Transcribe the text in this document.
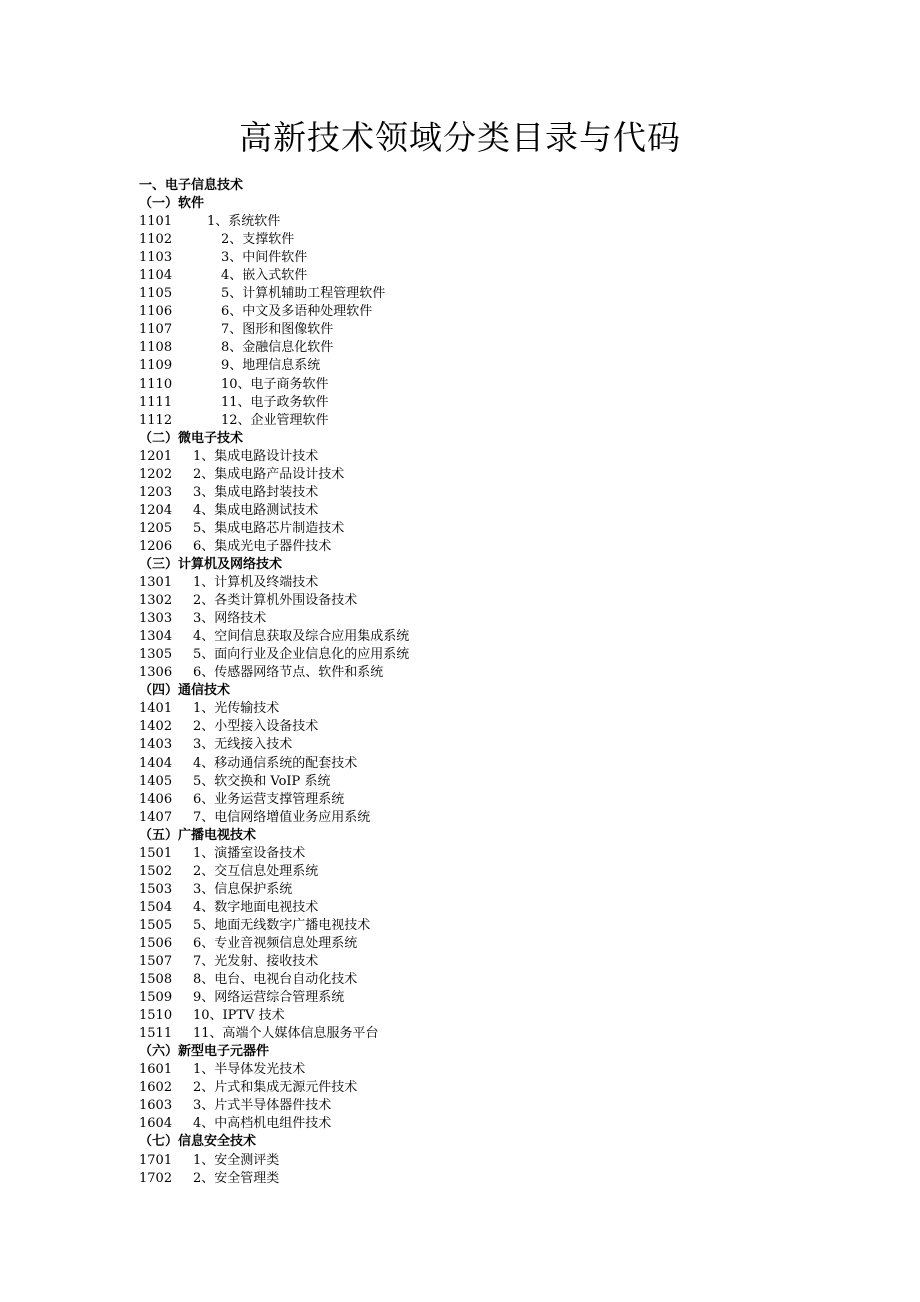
高新技术领域分类目录与代码
一、电子信息技术
（一）软件
1101	1、系统软件
1102	2、支撑软件
1103	3、中间件软件
1104	4、嵌入式软件
1105	5、计算机辅助工程管理软件
1106	6、中文及多语种处理软件
1107	7、图形和图像软件
1108	8、金融信息化软件
1109	9、地理信息系统
1110	10、电子商务软件
1111	11、电子政务软件
1112	12、企业管理软件
（二）微电子技术
1201	1、集成电路设计技术
1202	2、集成电路产品设计技术
1203	3、集成电路封装技术
1204	4、集成电路测试技术
1205	5、集成电路芯片制造技术
1206	6、集成光电子器件技术
（三）计算机及网络技术
1301	1、计算机及终端技术
1302	2、各类计算机外围设备技术
1303	3、网络技术
1304	4、空间信息获取及综合应用集成系统
1305	5、面向行业及企业信息化的应用系统
1306	6、传感器网络节点、软件和系统
（四）通信技术
1401	1、光传输技术
1402	2、小型接入设备技术
1403	3、无线接入技术
1404	4、移动通信系统的配套技术
1405	5、软交换和 VoIP 系统
1406	6、业务运营支撑管理系统
1407	7、电信网络增值业务应用系统
（五）广播电视技术
1501	1、演播室设备技术
1502	2、交互信息处理系统
1503	3、信息保护系统
1504	4、数字地面电视技术
1505	5、地面无线数字广播电视技术
1506	6、专业音视频信息处理系统
1507	7、光发射、接收技术
1508	8、电台、电视台自动化技术
1509	9、网络运营综合管理系统
1510	10、IPTV 技术
1511	11、高端个人媒体信息服务平台
（六）新型电子元器件
1601	1、半导体发光技术
1602	2、片式和集成无源元件技术
1603	3、片式半导体器件技术
1604	4、中高档机电组件技术
（七）信息安全技术
1701	1、安全测评类
1702	2、安全管理类
